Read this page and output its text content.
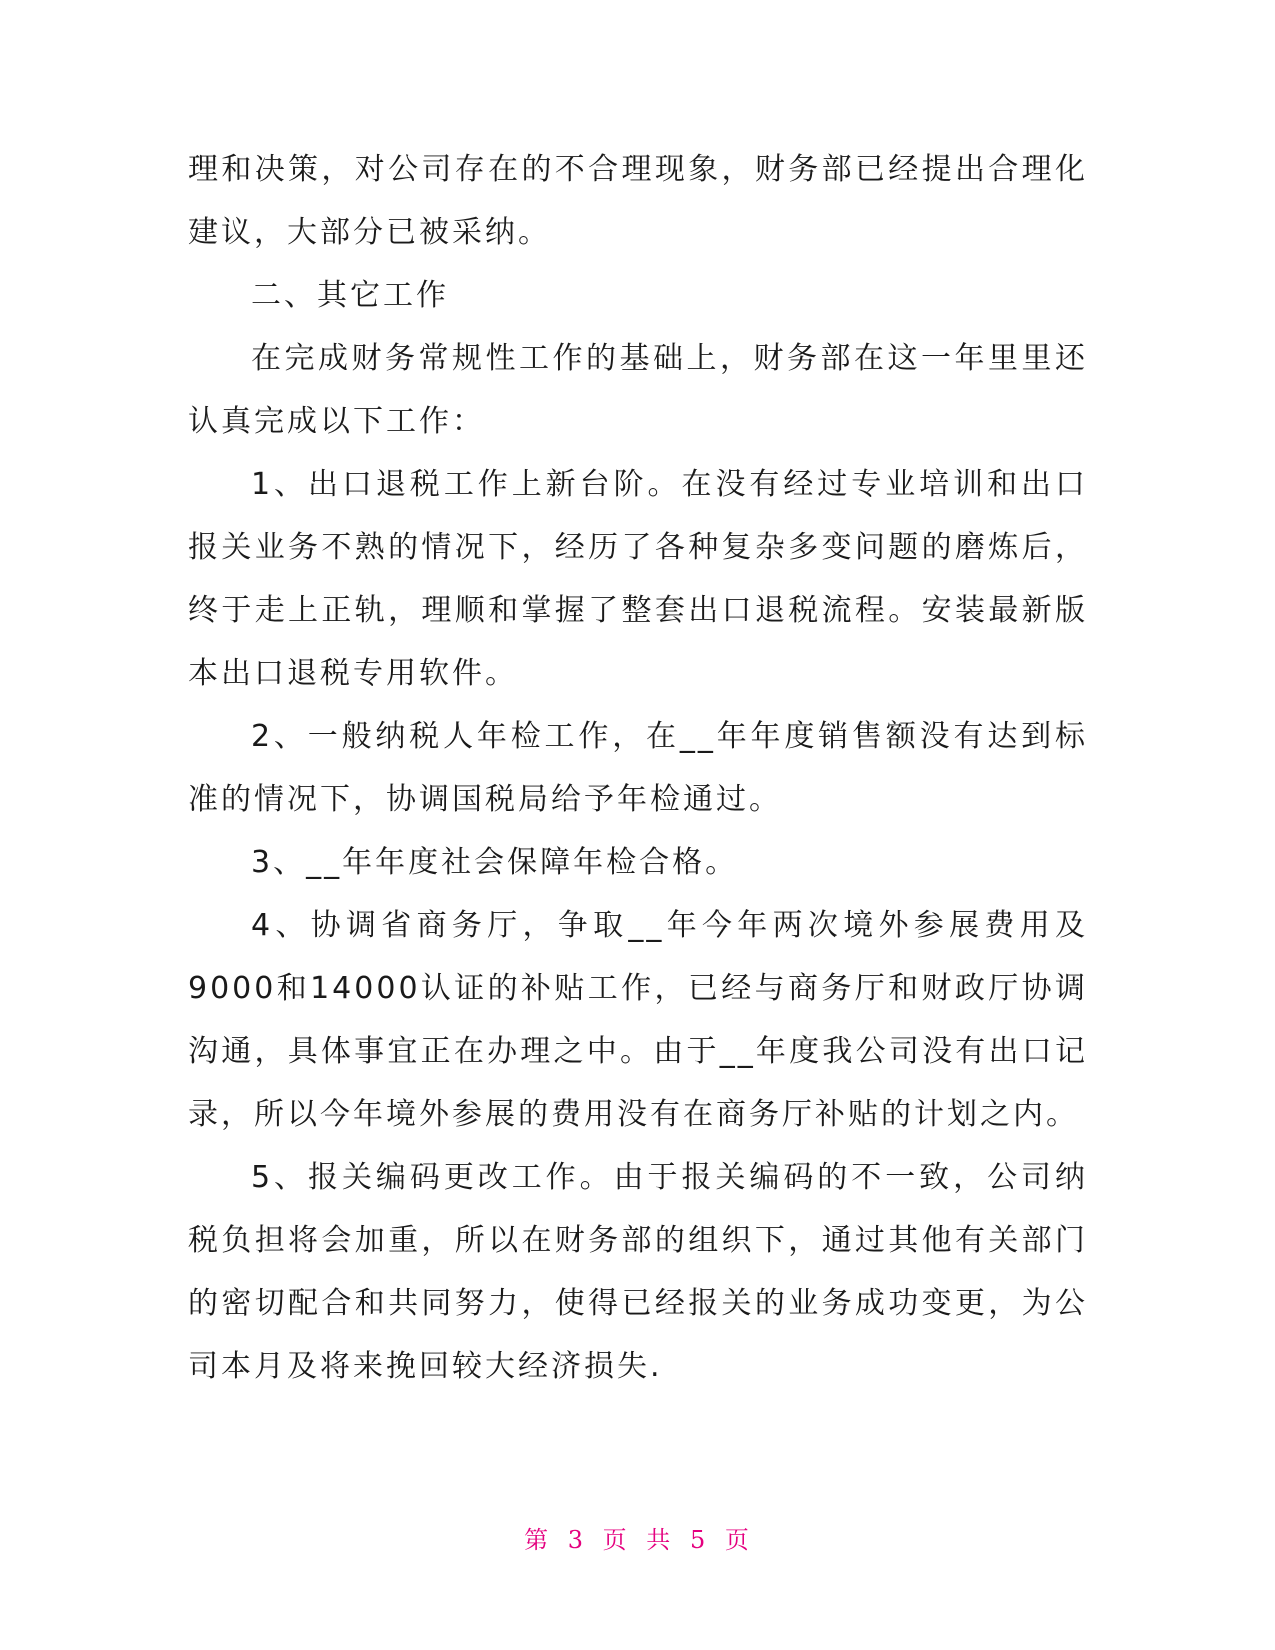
理和决策，对公司存在的不合理现象，财务部已经提出合理化建议，大部分已被采纳。

二、其它工作

在完成财务常规性工作的基础上，财务部在这一年里里还认真完成以下工作：

1、出口退税工作上新台阶。在没有经过专业培训和出口报关业务不熟的情况下，经历了各种复杂多变问题的磨炼后，终于走上正轨，理顺和掌握了整套出口退税流程。安装最新版本出口退税专用软件。

2、一般纳税人年检工作，在__年年度销售额没有达到标准的情况下，协调国税局给予年检通过。

3、__年年度社会保障年检合格。

4、协调省商务厅，争取__年今年两次境外参展费用及9000和14000认证的补贴工作，已经与商务厅和财政厅协调沟通，具体事宜正在办理之中。由于__年度我公司没有出口记录，所以今年境外参展的费用没有在商务厅补贴的计划之内。

5、报关编码更改工作。由于报关编码的不一致，公司纳税负担将会加重，所以在财务部的组织下，通过其他有关部门的密切配合和共同努力，使得已经报关的业务成功变更，为公司本月及将来挽回较大经济损失.

第 3 页 共 5 页
